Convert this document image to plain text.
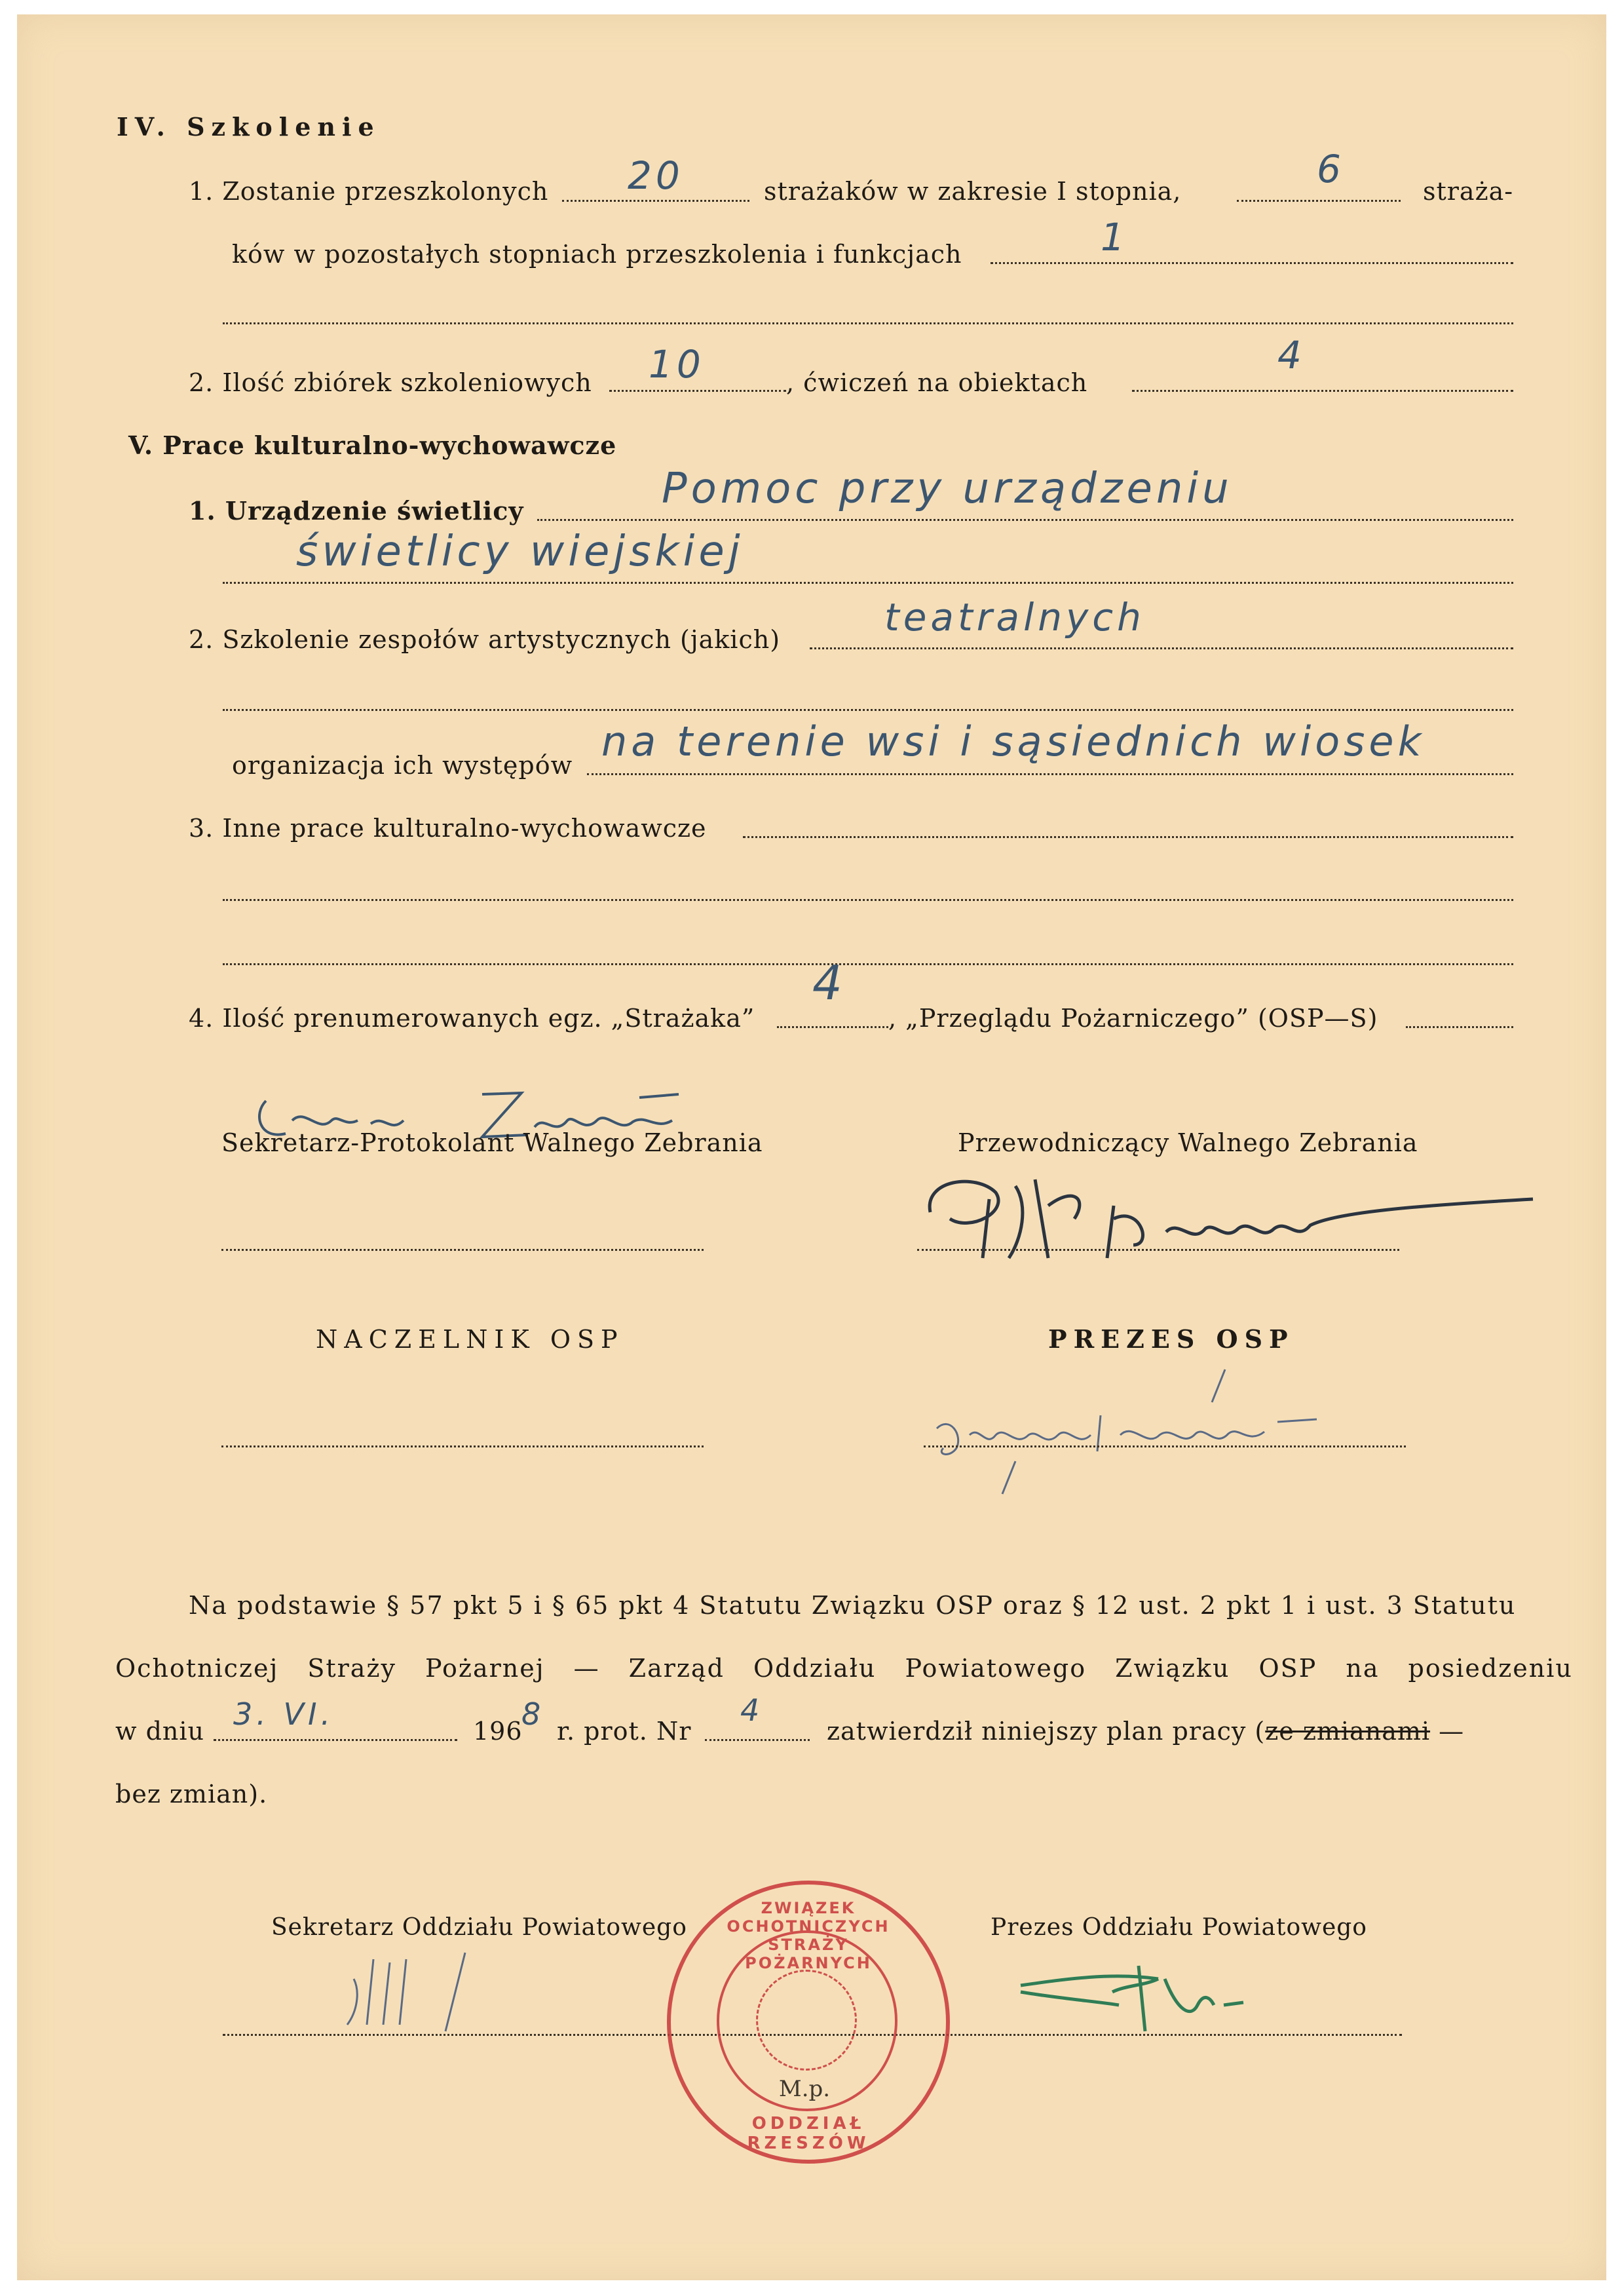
IV. Szkolenie
1. Zostanie przeszkolonych 20	strażaków w zakresie I stopnia,	6	straża-
ków w pozostałych stopniach przeszkolenia i funkcjach	1
2. Ilość zbiórek szkoleniowych 10	, ćwiczeń na obiektach
4
V. Prace kulturalno-wychowawcze
1. Urządzenie świetlicy	Pomoc przy urządzeniu
świetlicy wiejskiej
2. Szkolenie zespołów artystycznych (jakich)	teatralnych
organizacja ich występów na terenie wsi i sąsiednich wiosek
3. Inne prace kulturalno-wychowawcze
4. Ilość prenumerowanych egz. „Strażaka”
4
, „Przeglądu Pożarniczego” (OSP—S)
Sekretarz-Protokolant Walnego Zebrania	Przewodniczący Walnego Zebrania
NACZELNIK OSP	PREZES OSP
Na podstawie § 57 pkt 5 i § 65 pkt 4 Statutu Związku OSP oraz § 12 ust. 2 pkt 1 i ust. 3 Statutu
Ochotniczej Straży Pożarnej — Zarząd Oddziału Powiatowego Związku OSP na posiedzeniu
w dniu 3. VI.	196
8 r. prot. Nr
4
zatwierdził niniejszy plan pracy (ze zmianami —
bez zmian).
Sekretarz Oddziału Powiatowego	Prezes Oddziału Powiatowego
ZWIĄZEK OCHOTNICZYCH STRAŻY POŻARNYCH
ODDZIAŁ RZESZÓW
M.p.
